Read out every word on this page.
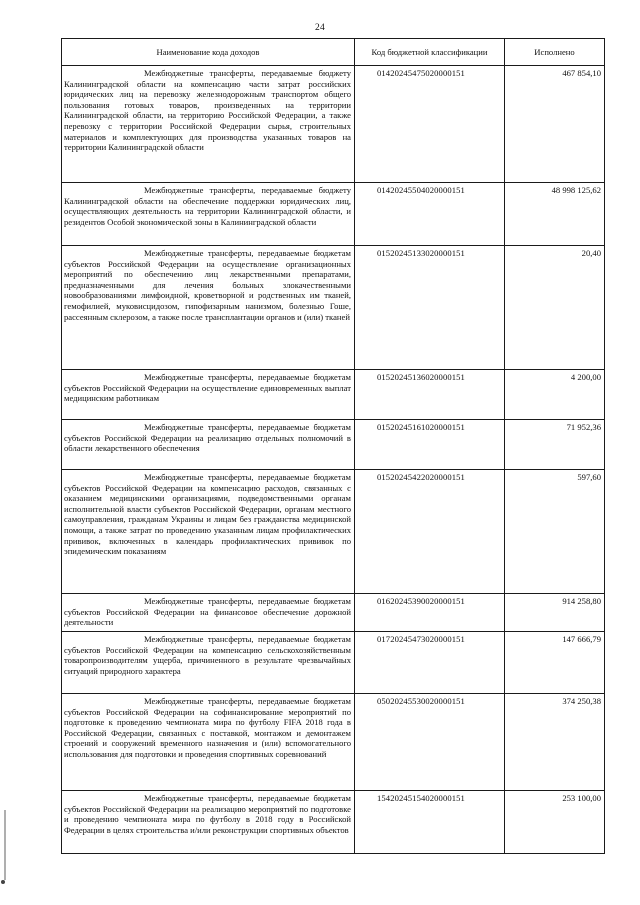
24
Наименование кода доходов	Код бюджетной классификации	Исполнено

Межбюджетные трансферты, передаваемые бюджету Калининградской области на компенсацию части затрат российских юридических лиц на перевозку железнодорожным транспортом общего пользования готовых товаров, произведенных на территории Калининградской области, на территорию Российской Федерации, а также перевозку с территории Российской Федерации сырья, строительных материалов и комплектующих для производства указанных товаров на территории Калининградской области	01420245475020000151	467 854,10

Межбюджетные трансферты, передаваемые бюджету Калининградской области на обеспечение поддержки юридических лиц, осуществляющих деятельность на территории Калининградской области, и резидентов Особой экономической зоны в Калининградской области	01420245504020000151	48 998 125,62

Межбюджетные трансферты, передаваемые бюджетам субъектов Российской Федерации на осуществление организационных мероприятий по обеспечению лиц лекарственными препаратами, предназначенными для лечения больных злокачественными новообразованиями лимфоидной, кроветворной и родственных им тканей, гемофилией, муковисцидозом, гипофизарным нанизмом, болезнью Гоше, рассеянным склерозом, а также после трансплантации органов и (или) тканей	01520245133020000151	20,40

Межбюджетные трансферты, передаваемые бюджетам субъектов Российской Федерации на осуществление единовременных выплат медицинским работникам	01520245136020000151	4 200,00

Межбюджетные трансферты, передаваемые бюджетам субъектов Российской Федерации на реализацию отдельных полномочий в области лекарственного обеспечения	01520245161020000151	71 952,36

Межбюджетные трансферты, передаваемые бюджетам субъектов Российской Федерации на компенсацию расходов, связанных с оказанием медицинскими организациями, подведомственными органам исполнительной власти субъектов Российской Федерации, органам местного самоуправления, гражданам Украины и лицам без гражданства медицинской помощи, а также затрат по проведению указанным лицам профилактических прививок, включенных в календарь профилактических прививок по эпидемическим показаниям	01520245422020000151	597,60

Межбюджетные трансферты, передаваемые бюджетам субъектов Российской Федерации на финансовое обеспечение дорожной деятельности	01620245390020000151	914 258,80

Межбюджетные трансферты, передаваемые бюджетам субъектов Российской Федерации на компенсацию сельскохозяйственным товаропроизводителям ущерба, причиненного в результате чрезвычайных ситуаций природного характера	01720245473020000151	147 666,79

Межбюджетные трансферты, передаваемые бюджетам субъектов Российской Федерации на софинансирование мероприятий по подготовке к проведению чемпионата мира по футболу FIFA 2018 года в Российской Федерации, связанных с поставкой, монтажом и демонтажем строений и сооружений временного назначения и (или) вспомогательного использования для подготовки и проведения спортивных соревнований	05020245530020000151	374 250,38

Межбюджетные трансферты, передаваемые бюджетам субъектов Российской Федерации на реализацию мероприятий по подготовке и проведению чемпионата мира по футболу в 2018 году в Российской Федерации в целях строительства и/или реконструкции спортивных объектов	15420245154020000151	253 100,00
